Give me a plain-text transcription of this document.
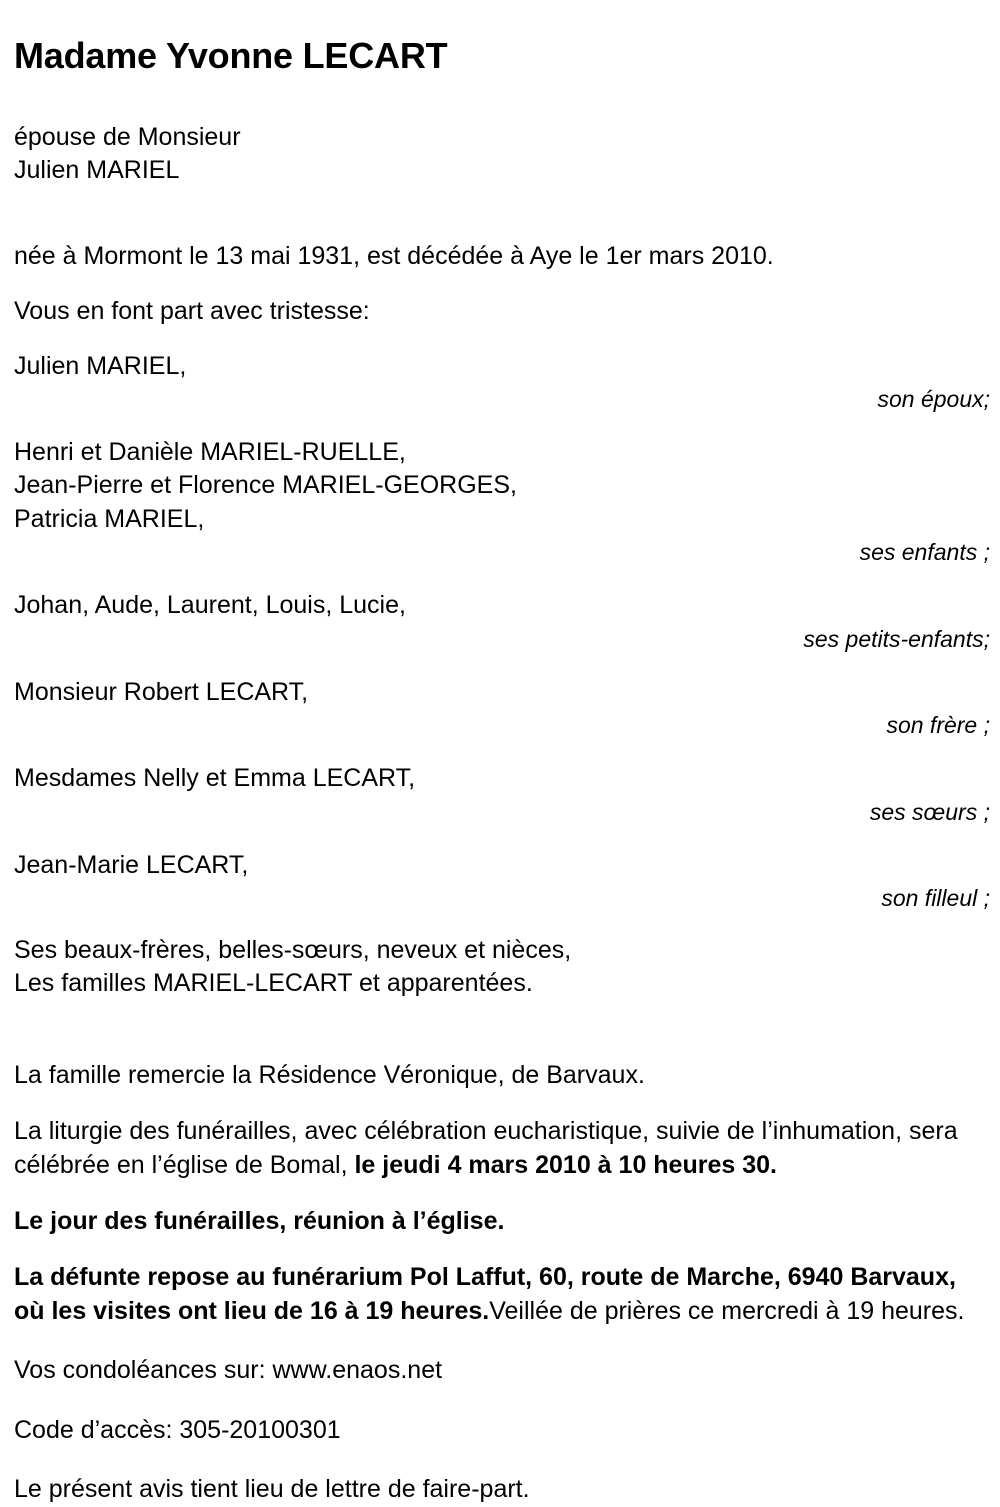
Madame Yvonne LECART
épouse de Monsieur
Julien MARIEL
née à Mormont le 13 mai 1931, est décédée à Aye le 1er mars 2010.
Vous en font part avec tristesse:
Julien MARIEL,
son époux;
Henri et Danièle MARIEL-RUELLE,
Jean-Pierre et Florence MARIEL-GEORGES,
Patricia MARIEL,
ses enfants ;
Johan, Aude, Laurent, Louis, Lucie,
ses petits-enfants;
Monsieur Robert LECART,
son frère ;
Mesdames Nelly et Emma LECART,
ses sœurs ;
Jean-Marie LECART,
son filleul ;
Ses beaux-frères, belles-sœurs, neveux et nièces,
Les familles MARIEL-LECART et apparentées.
La famille remercie la Résidence Véronique, de Barvaux.

La liturgie des funérailles, avec célébration eucharistique, suivie de l’inhumation, sera célébrée en l’église de Bomal, le jeudi 4 mars 2010 à 10 heures 30.

Le jour des funérailles, réunion à l’église.

La défunte repose au funérarium Pol Laffut, 60, route de Marche, 6940 Barvaux, où les visites ont lieu de 16 à 19 heures.Veillée de prières ce mercredi à 19 heures.

Vos condoléances sur: www.enaos.net
Code d’accès: 305-20100301
Le présent avis tient lieu de lettre de faire-part.
